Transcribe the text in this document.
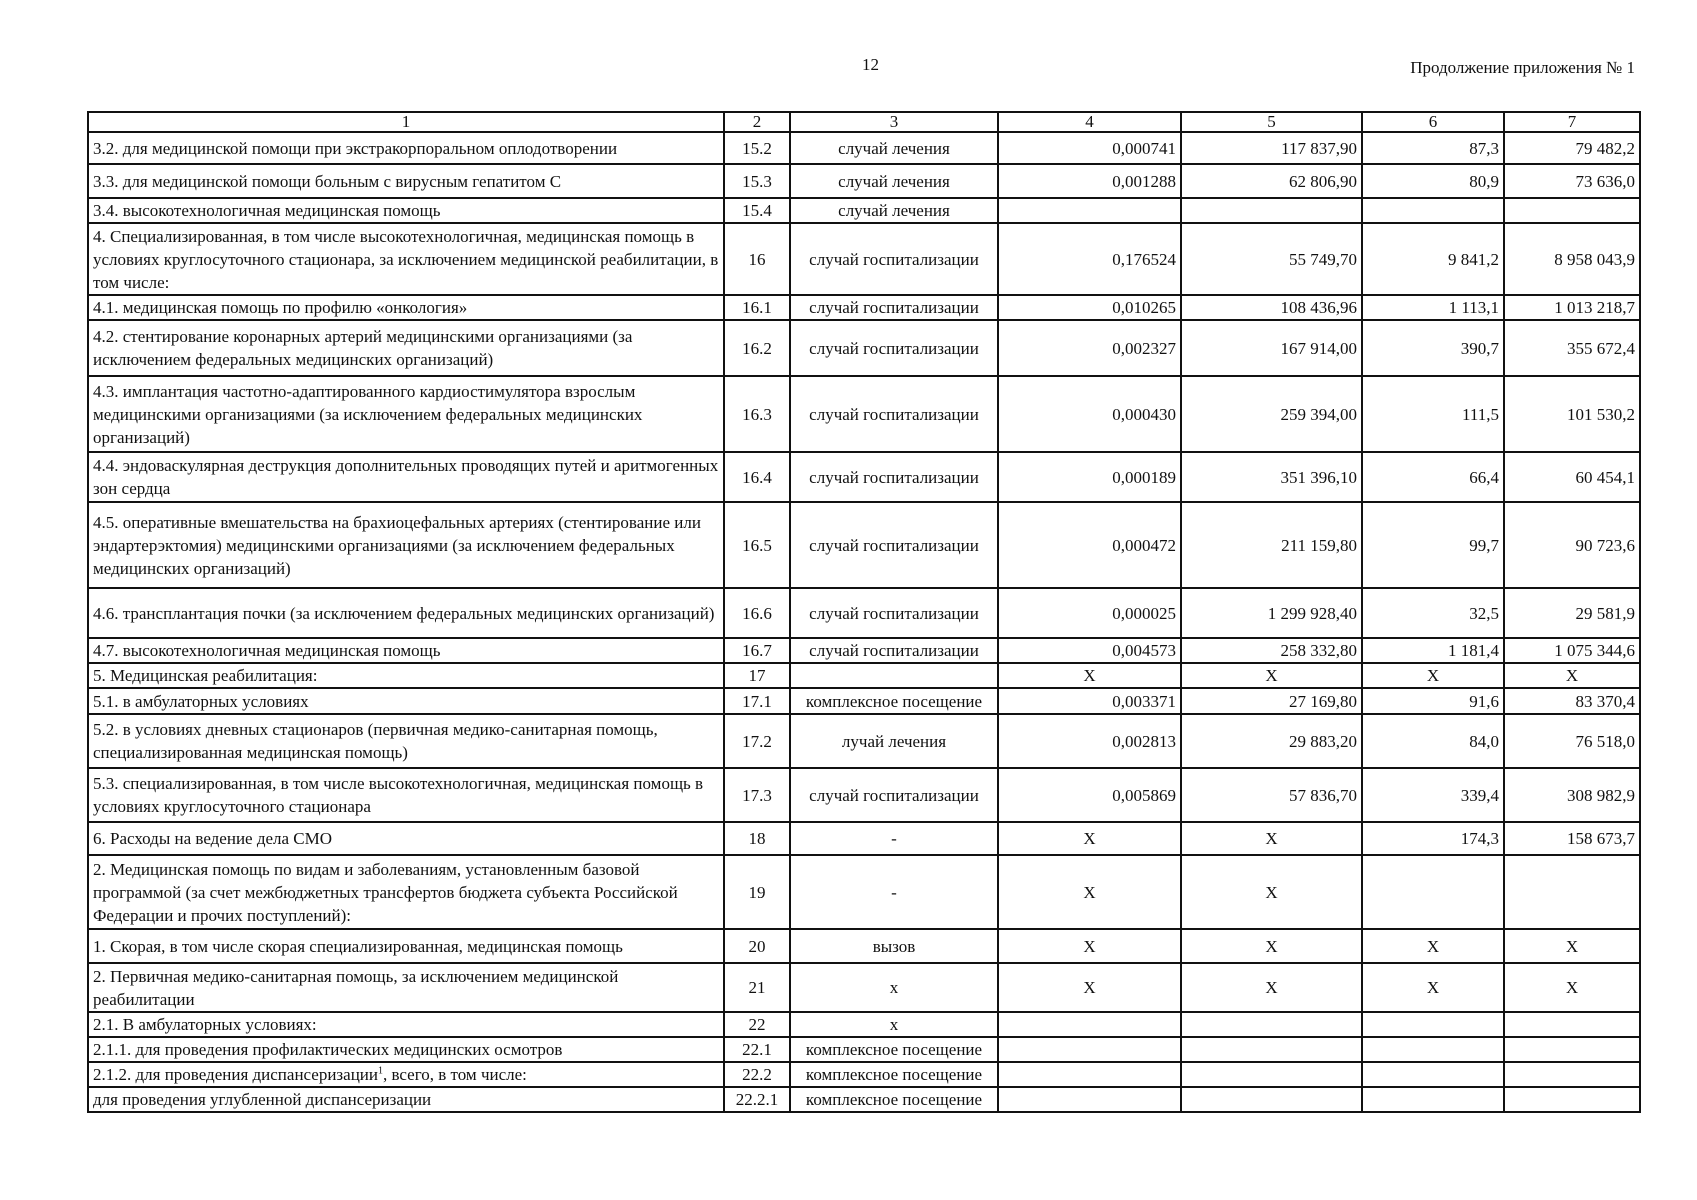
12	Продолжение приложения № 1
1	2	3	4	5	6	7
3.2. для медицинской помощи при экстракорпоральном оплодотворении	15.2	случай лечения	0,000741	117 837,90	87,3	79 482,2
3.3. для медицинской помощи больным с вирусным гепатитом С	15.3	случай лечения	0,001288	62 806,90	80,9	73 636,0
3.4. высокотехнологичная медицинская помощь	15.4	случай лечения				
4. Специализированная, в том числе высокотехнологичная, медицинская помощь в условиях круглосуточного стационара, за исключением медицинской реабилитации, в том числе:	16	случай госпитализации	0,176524	55 749,70	9 841,2	8 958 043,9
4.1. медицинская помощь по профилю «онкология»	16.1	случай госпитализации	0,010265	108 436,96	1 113,1	1 013 218,7
4.2. стентирование коронарных артерий медицинскими организациями (за исключением федеральных медицинских организаций)	16.2	случай госпитализации	0,002327	167 914,00	390,7	355 672,4
4.3. имплантация частотно-адаптированного кардиостимулятора взрослым медицинскими организациями (за исключением федеральных медицинских организаций)	16.3	случай госпитализации	0,000430	259 394,00	111,5	101 530,2
4.4. эндоваскулярная деструкция дополнительных проводящих путей и аритмогенных зон сердца	16.4	случай госпитализации	0,000189	351 396,10	66,4	60 454,1
4.5. оперативные вмешательства на брахиоцефальных артериях (стентирование или эндартерэктомия) медицинскими организациями (за исключением федеральных медицинских организаций)	16.5	случай госпитализации	0,000472	211 159,80	99,7	90 723,6
4.6. трансплантация почки (за исключением федеральных медицинских организаций)	16.6	случай госпитализации	0,000025	1 299 928,40	32,5	29 581,9
4.7. высокотехнологичная медицинская помощь	16.7	случай госпитализации	0,004573	258 332,80	1 181,4	1 075 344,6
5. Медицинская реабилитация:	17		X	X	X	X
5.1. в амбулаторных условиях	17.1	комплексное посещение	0,003371	27 169,80	91,6	83 370,4
5.2. в условиях дневных стационаров (первичная медико-санитарная помощь, специализированная медицинская помощь)	17.2	лучай лечения	0,002813	29 883,20	84,0	76 518,0
5.3. специализированная, в том числе высокотехнологичная, медицинская помощь в условиях круглосуточного стационара	17.3	случай госпитализации	0,005869	57 836,70	339,4	308 982,9
6. Расходы на ведение дела СМО	18	-	X	X	174,3	158 673,7
2. Медицинская помощь по видам и заболеваниям, установленным базовой программой (за счет межбюджетных трансфертов бюджета субъекта Российской Федерации и прочих поступлений):	19	-	X	X		
1. Скорая, в том числе скорая специализированная, медицинская помощь	20	вызов	X	X	X	X
2. Первичная медико-санитарная помощь, за исключением медицинской реабилитации	21	х	X	X	X	X
2.1. В амбулаторных условиях:	22	х				
2.1.1. для проведения профилактических медицинских осмотров	22.1	комплексное посещение				
2.1.2. для проведения диспансеризации$^1$, всего, в том числе:	22.2	комплексное посещение				
для проведения углубленной диспансеризации	22.2.1	комплексное посещение				
